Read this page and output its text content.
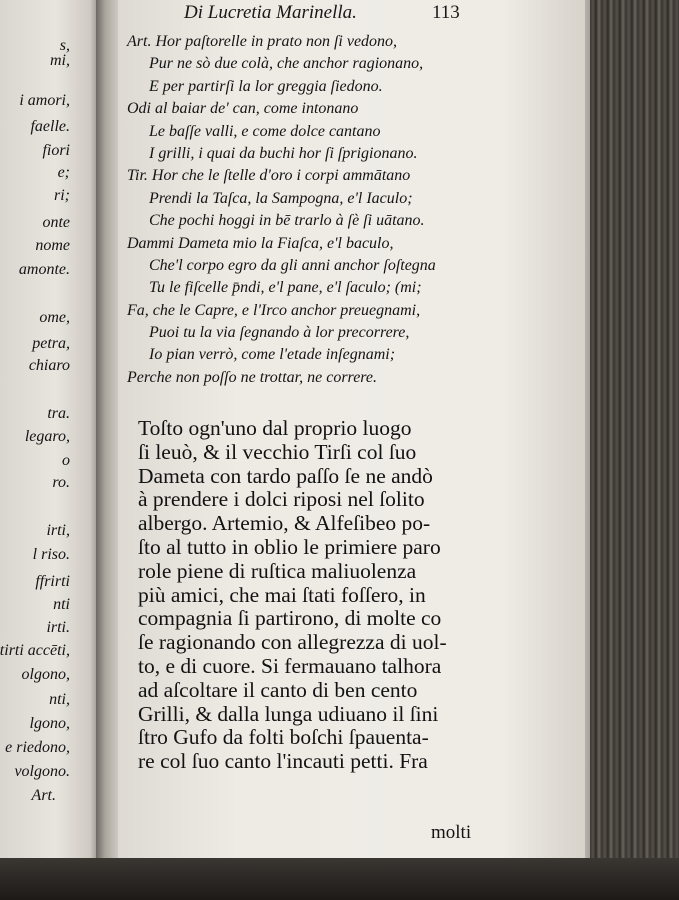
s,
mi,
i amori,
faelle.
fiori
e;
ri;
onte
nome
amonte.
ome,
petra,
chiaro
tra.
legaro,
o
ro.
irti,
l riso.
ffrirti
nti
irti.
tirti accēti,
olgono,
nti,
lgono,
e riedono,
volgono.
Art.
Di Lucretia Marinella.	113
Art. Hor paſtorelle in prato non ſi vedono,
Pur ne sò due colà, che anchor ragionano,
E per partirſi la lor greggia ſiedono.
Odi al baiar de' can, come intonano
Le baſſe valli, e come dolce cantano
I grilli, i quai da buchi hor ſi ſprigionano.
Tir. Hor che le ſtelle d'oro i corpi ammātano
Prendi la Taſca, la Sampogna, e'l Iaculo;
Che pochi hoggi in bē trarlo à ſè ſi uātano.
Dammi Dameta mio la Fiaſca, e'l baculo,
Che'l corpo egro da gli anni anchor ſoſtegna
Tu le fiſcelle p̄ndi, e'l pane, e'l ſaculo; (mi;
Fa, che le Capre, e l'Irco anchor preuegnami,
Puoi tu la via ſegnando à lor precorrere,
Io pian verrò, come l'etade inſegnami;
Perche non poſſo ne trottar, ne correre.
Toſto ogn'uno dal proprio luogo
ſi leuò, & il vecchio Tirſi col ſuo
Dameta con tardo paſſo ſe ne andò
à prendere i dolci riposi nel ſolito
albergo. Artemio, & Alfeſibeo po-
ſto al tutto in oblio le primiere paro
role piene di ruſtica maliuolenza
più amici, che mai ſtati foſſero, in
compagnia ſi partirono, di molte co
ſe ragionando con allegrezza di uol-
to, e di cuore. Si fermauano talhora
ad aſcoltare il canto di ben cento
Grilli, & dalla lunga udiuano il ſini
ſtro Gufo da folti boſchi ſpauenta-
re col ſuo canto l'incauti petti. Fra
molti
